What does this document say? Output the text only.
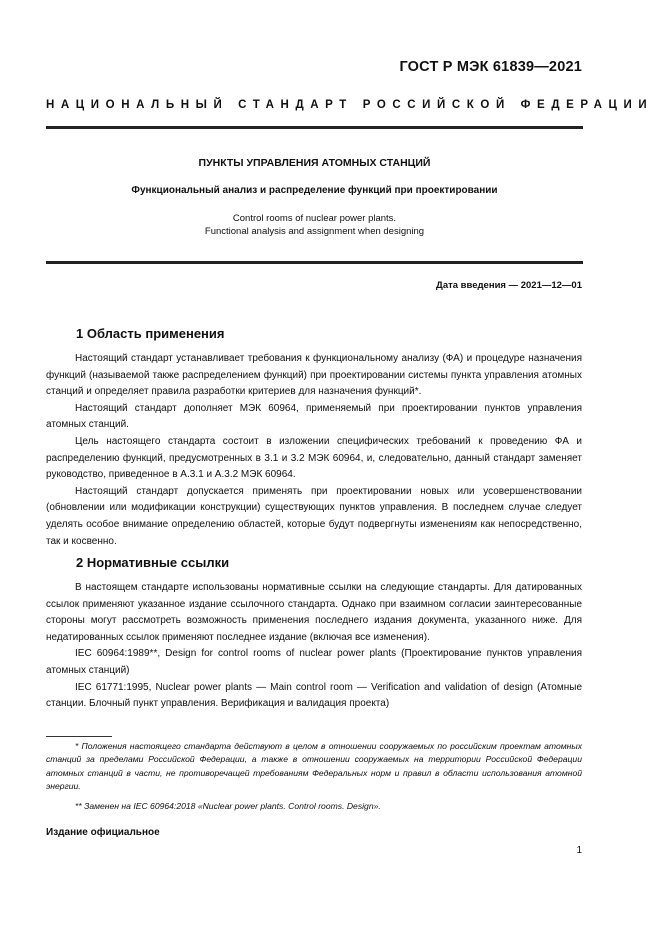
ГОСТ Р МЭК 61839—2021
НАЦИОНАЛЬНЫЙ СТАНДАРТ РОССИЙСКОЙ ФЕДЕРАЦИИ
ПУНКТЫ УПРАВЛЕНИЯ АТОМНЫХ СТАНЦИЙ
Функциональный анализ и распределение функций при проектировании
Control rooms of nuclear power plants.
Functional analysis and assignment when designing
Дата введения — 2021—12—01
1 Область применения

Настоящий стандарт устанавливает требования к функциональному анализу (ФА) и процедуре назначения функций (называемой также распределением функций) при проектировании системы пункта управления атомных станций и определяет правила разработки критериев для назначения функций*.

Настоящий стандарт дополняет МЭК 60964, применяемый при проектировании пунктов управления атомных станций.

Цель настоящего стандарта состоит в изложении специфических требований к проведению ФА и распределению функций, предусмотренных в 3.1 и 3.2 МЭК 60964, и, следовательно, данный стандарт заменяет руководство, приведенное в А.3.1 и А.3.2 МЭК 60964.

Настоящий стандарт допускается применять при проектировании новых или усовершенствовании (обновлении или модификации конструкции) существующих пунктов управления. В последнем случае следует уделять особое внимание определению областей, которые будут подвергнуты изменениям как непосредственно, так и косвенно.

2 Нормативные ссылки

В настоящем стандарте использованы нормативные ссылки на следующие стандарты. Для датированных ссылок применяют указанное издание ссылочного стандарта. Однако при взаимном согласии заинтересованные стороны могут рассмотреть возможность применения последнего издания документа, указанного ниже. Для недатированных ссылок применяют последнее издание (включая все изменения).

IEC 60964:1989**, Design for control rooms of nuclear power plants (Проектирование пунктов управления атомных станций)

IEC 61771:1995, Nuclear power plants — Main control room — Verification and validation of design (Атомные станции. Блочный пункт управления. Верификация и валидация проекта)

* Положения настоящего стандарта действуют в целом в отношении сооружаемых по российским проектам атомных станций за пределами Российской Федерации, а также в отношении сооружаемых на территории Российской Федерации атомных станций в части, не противоречащей требованиям Федеральных норм и правил в области использования атомной энергии.

** Заменен на IEC 60964:2018 «Nuclear power plants. Control rooms. Design».

Издание официальное
1
